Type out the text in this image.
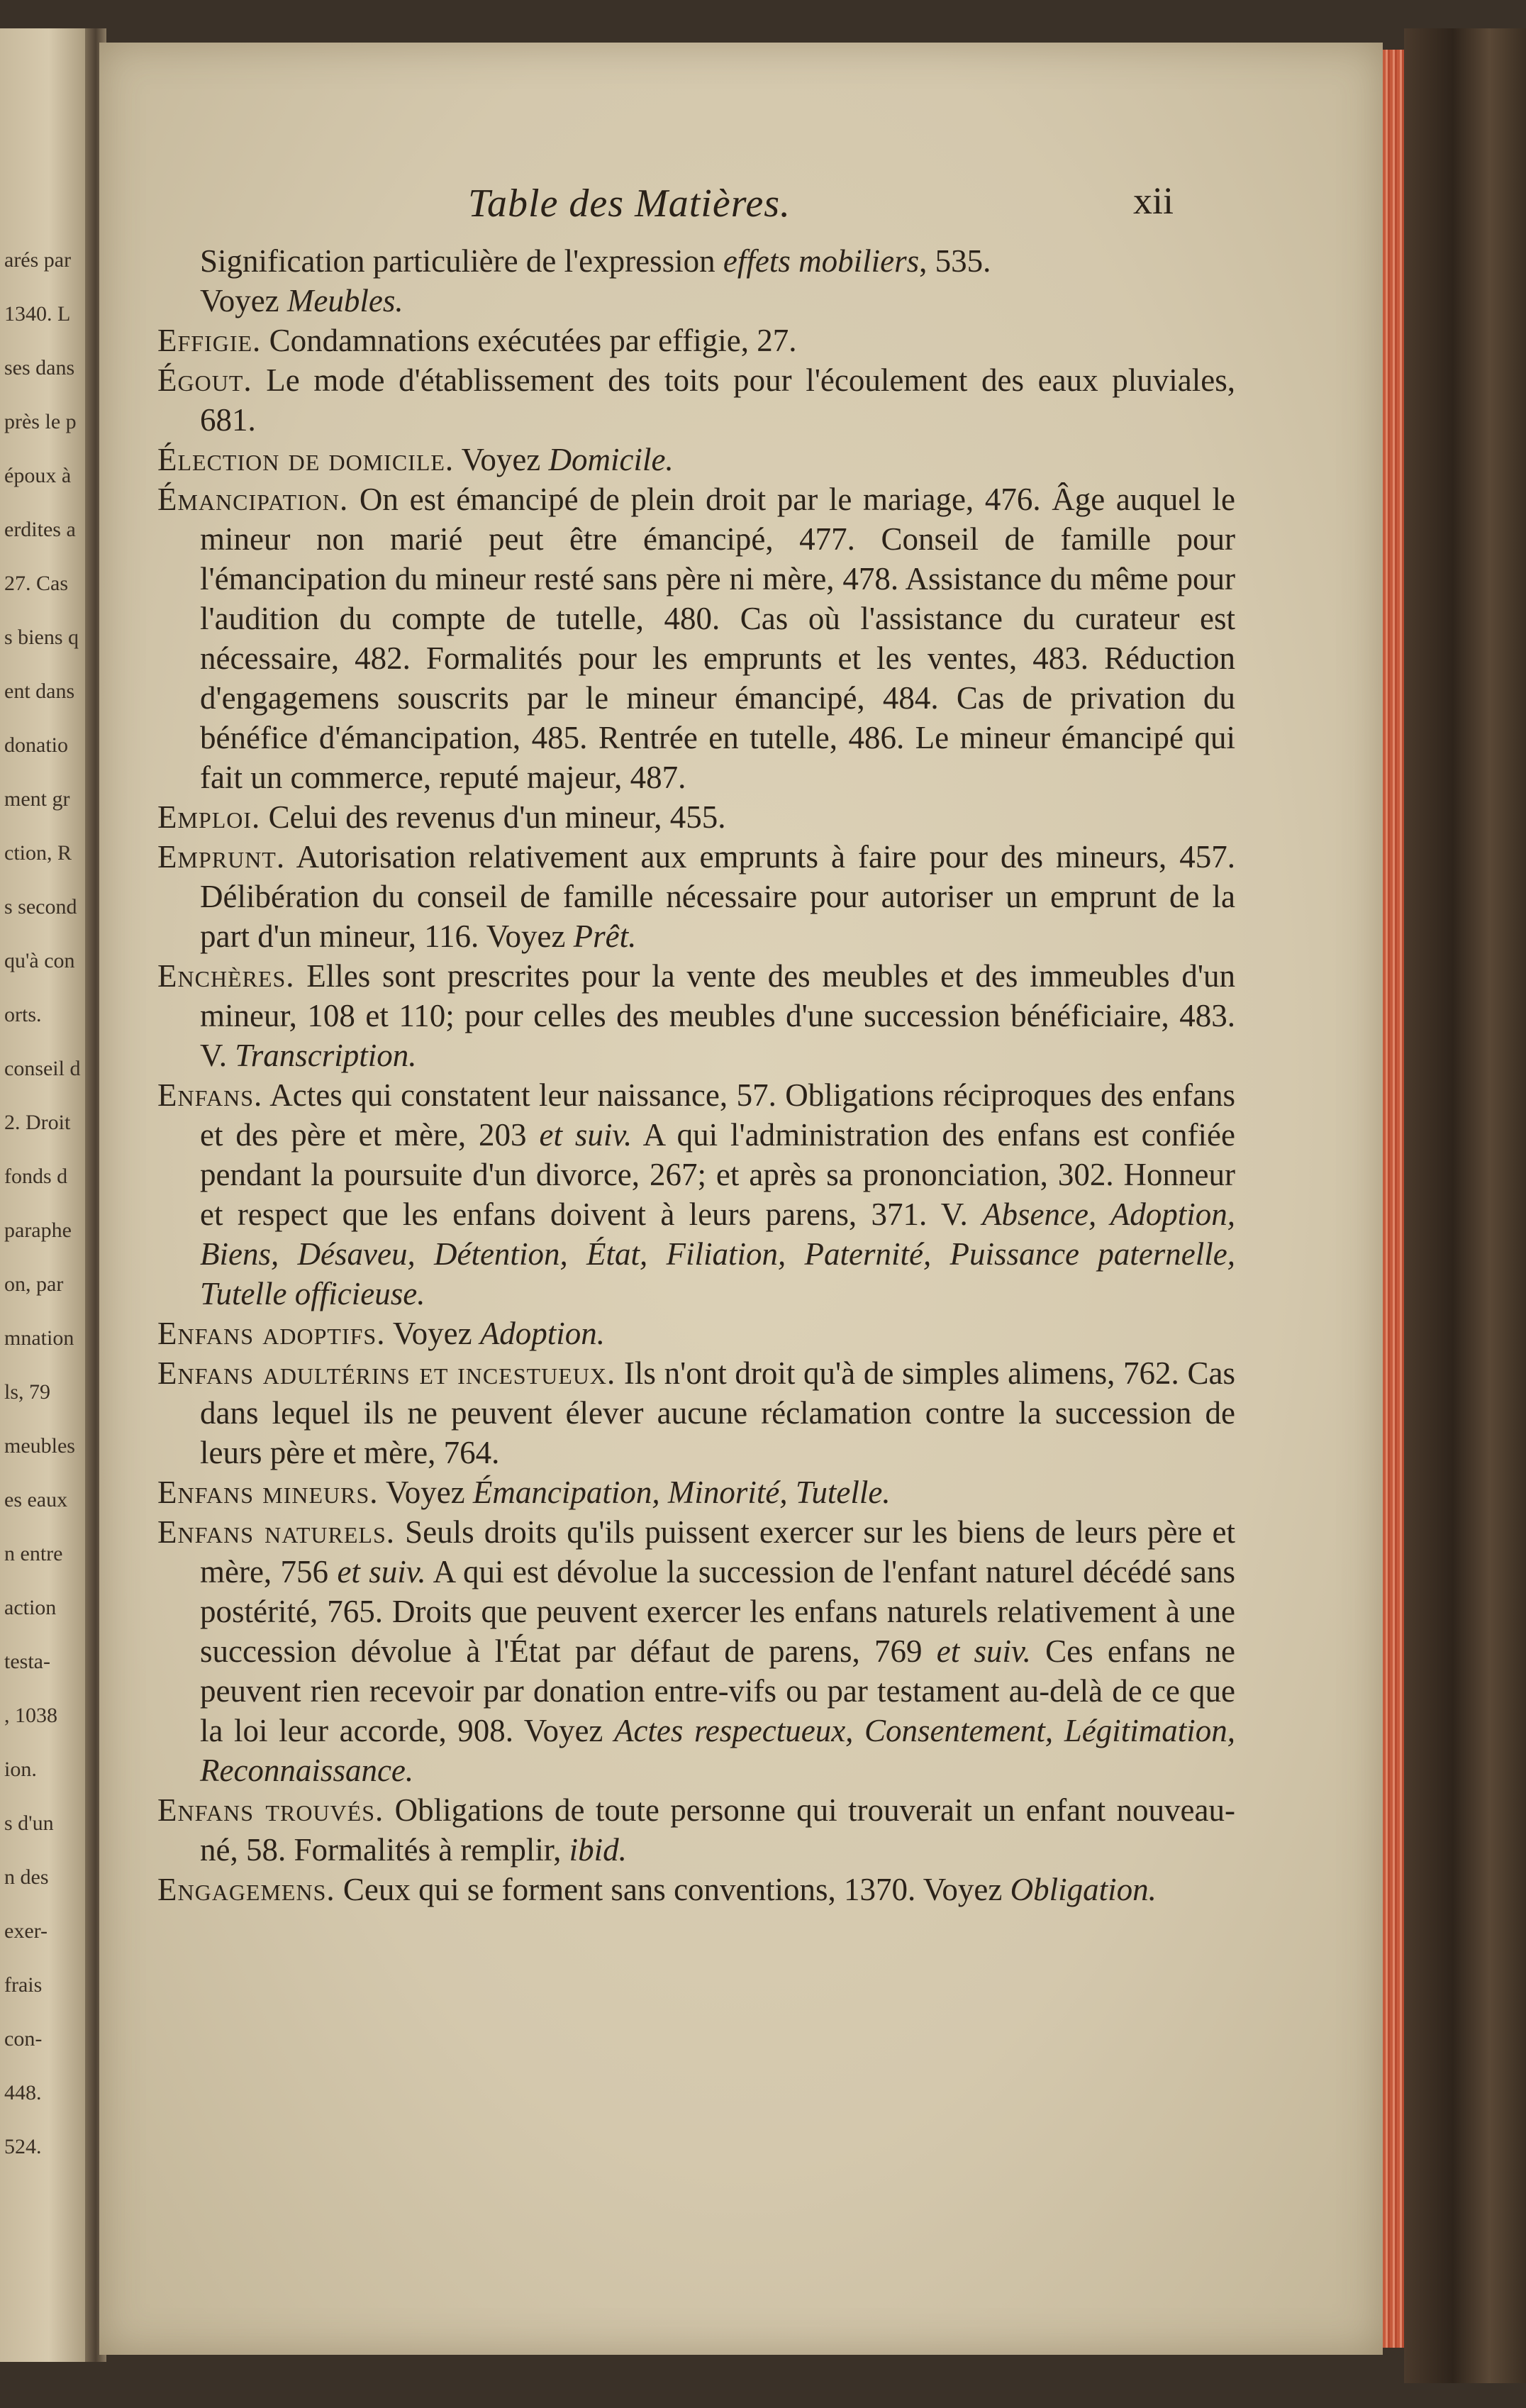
arés par
1340. L
ses dans
près le p
époux à
erdites a
27. Cas
s biens q
ent dans
donatio
ment gr
ction, R
s second
qu'à con
orts.
conseil d
2. Droit
fonds d
paraphe
on, par
mnation
ls, 79
meubles
es eaux
n entre
action
testa-
, 1038
ion.
s d'un
n des
exer-
frais
con-
448.
524.
Table des Matières.	xii

Signification particulière de l'expression effets mobiliers, 535.

Voyez Meubles.

Effigie. Condamnations exécutées par effigie, 27.

Égout. Le mode d'établissement des toits pour l'écoulement des eaux pluviales, 681.

Élection de domicile. Voyez Domicile.

Émancipation. On est émancipé de plein droit par le mariage, 476. Âge auquel le mineur non marié peut être émancipé, 477. Conseil de famille pour l'émancipation du mineur resté sans père ni mère, 478. Assistance du même pour l'audition du compte de tutelle, 480. Cas où l'assistance du curateur est nécessaire, 482. Formalités pour les emprunts et les ventes, 483. Réduction d'engagemens souscrits par le mineur émancipé, 484. Cas de privation du bénéfice d'émancipation, 485. Rentrée en tutelle, 486. Le mineur émancipé qui fait un commerce, reputé majeur, 487.

Emploi. Celui des revenus d'un mineur, 455.

Emprunt. Autorisation relativement aux emprunts à faire pour des mineurs, 457. Délibération du conseil de famille nécessaire pour autoriser un emprunt de la part d'un mineur, 116. Voyez Prêt.

Enchères. Elles sont prescrites pour la vente des meubles et des immeubles d'un mineur, 108 et 110; pour celles des meubles d'une succession bénéficiaire, 483. V. Transcription.

Enfans. Actes qui constatent leur naissance, 57. Obligations réciproques des enfans et des père et mère, 203 et suiv. A qui l'administration des enfans est confiée pendant la poursuite d'un divorce, 267; et après sa prononciation, 302. Honneur et respect que les enfans doivent à leurs parens, 371. V. Absence, Adoption, Biens, Désaveu, Détention, État, Filiation, Paternité, Puissance paternelle, Tutelle officieuse.

Enfans adoptifs. Voyez Adoption.

Enfans adultérins et incestueux. Ils n'ont droit qu'à de simples alimens, 762. Cas dans lequel ils ne peuvent élever aucune réclamation contre la succession de leurs père et mère, 764.

Enfans mineurs. Voyez Émancipation, Minorité, Tutelle.

Enfans naturels. Seuls droits qu'ils puissent exercer sur les biens de leurs père et mère, 756 et suiv. A qui est dévolue la succession de l'enfant naturel décédé sans postérité, 765. Droits que peuvent exercer les enfans naturels relativement à une succession dévolue à l'État par défaut de parens, 769 et suiv. Ces enfans ne peuvent rien recevoir par donation entre-vifs ou par testament au-delà de ce que la loi leur accorde, 908. Voyez Actes respectueux, Consentement, Légitimation, Reconnaissance.

Enfans trouvés. Obligations de toute personne qui trouverait un enfant nouveau-né, 58. Formalités à remplir, ibid.

Engagemens. Ceux qui se forment sans conventions, 1370. Voyez Obligation.
